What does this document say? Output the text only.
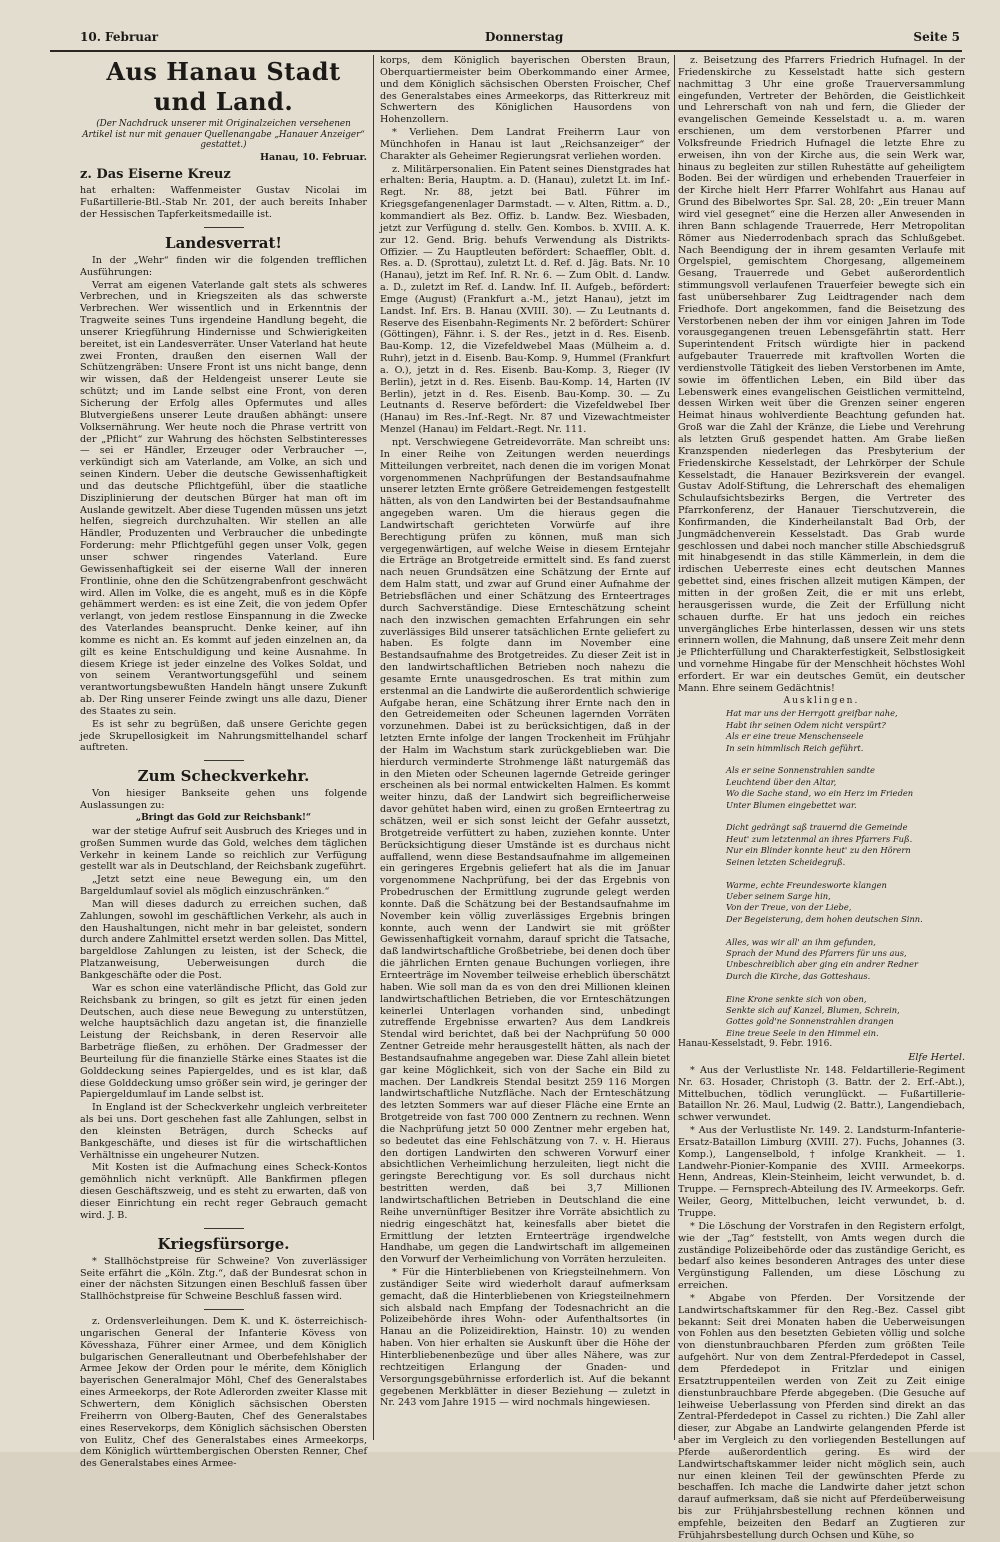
10. Februar	Donnerstag	Seite 5
Aus Hanau Stadt und Land.

(Der Nachdruck unserer mit Originalzeichen versehenen Artikel ist nur mit genauer Quellenangabe „Hanauer Anzeiger“ gestattet.)

Hanau, 10. Februar.

z. Das Eiserne Kreuz

hat erhalten: Waffenmeister Gustav Nicolai im Fußartillerie-Btl.-Stab Nr. 201, der auch bereits Inhaber der Hessischen Tapferkeitsmedaille ist.

Landesverrat!

In der „Wehr“ finden wir die folgenden trefflichen Ausführungen:

Verrat am eigenen Vaterlande galt stets als schweres Verbrechen, und in Kriegszeiten als das schwerste Verbrechen. Wer wissentlich und in Erkenntnis der Tragweite seines Tuns irgendeine Handlung begeht, die unserer Kriegführung Hindernisse und Schwierigkeiten bereitet, ist ein Landesverräter. Unser Vaterland hat heute zwei Fronten, draußen den eisernen Wall der Schützengräben: Unsere Front ist uns nicht bange, denn wir wissen, daß der Heldengeist unserer Leute sie schützt; und im Lande selbst eine Front, von deren Sicherung der Erfolg alles Opfermutes und alles Blutvergießens unserer Leute draußen abhängt: unsere Volksernährung. Wer heute noch die Phrase vertritt von der „Pflicht“ zur Wahrung des höchsten Selbstinteresses — sei er Händler, Erzeuger oder Verbraucher —, verkündigt sich am Vaterlande, am Volke, an sich und seinen Kindern. Ueber die deutsche Gewissenhaftigkeit und das deutsche Pflichtgefühl, über die staatliche Disziplinierung der deutschen Bürger hat man oft im Auslande gewitzelt. Aber diese Tugenden müssen uns jetzt helfen, siegreich durchzuhalten. Wir stellen an alle Händler, Produzenten und Verbraucher die unbedingte Forderung: mehr Pflichtgefühl gegen unser Volk, gegen unser schwer ringendes Vaterland. Eure Gewissenhaftigkeit sei der eiserne Wall der inneren Frontlinie, ohne den die Schützengrabenfront geschwächt wird. Allen im Volke, die es angeht, muß es in die Köpfe gehämmert werden: es ist eine Zeit, die von jedem Opfer verlangt, von jedem restlose Einspannung in die Zwecke des Vaterlandes beansprucht. Denke keiner, auf ihn komme es nicht an. Es kommt auf jeden einzelnen an, da gilt es keine Entschuldigung und keine Ausnahme. In diesem Kriege ist jeder einzelne des Volkes Soldat, und von seinem Verantwortungsgefühl und seinem verantwortungsbewußten Handeln hängt unsere Zukunft ab. Der Ring unserer Feinde zwingt uns alle dazu, Diener des Staates zu sein.

Es ist sehr zu begrüßen, daß unsere Gerichte gegen jede Skrupellosigkeit im Nahrungsmittelhandel scharf auftreten.

Zum Scheckverkehr.

Von hiesiger Bankseite gehen uns folgende Auslassungen zu:

„Bringt das Gold zur Reichsbank!“

war der stetige Aufruf seit Ausbruch des Krieges und in großen Summen wurde das Gold, welches dem täglichen Verkehr in keinem Lande so reichlich zur Verfügung gestellt war als in Deutschland, der Reichsbank zugeführt.

„Jetzt setzt eine neue Bewegung ein, um den Bargeldumlauf soviel als möglich einzuschränken.“

Man will dieses dadurch zu erreichen suchen, daß Zahlungen, sowohl im geschäftlichen Verkehr, als auch in den Haushaltungen, nicht mehr in bar geleistet, sondern durch andere Zahlmittel ersetzt werden sollen. Das Mittel, bargeldlose Zahlungen zu leisten, ist der Scheck, die Platzanweisung, Ueberweisungen durch die Bankgeschäfte oder die Post.

War es schon eine vaterländische Pflicht, das Gold zur Reichsbank zu bringen, so gilt es jetzt für einen jeden Deutschen, auch diese neue Bewegung zu unterstützen, welche hauptsächlich dazu angetan ist, die finanzielle Leistung der Reichsbank, in deren Reservoir alle Barbeträge fließen, zu erhöhen. Der Gradmesser der Beurteilung für die finanzielle Stärke eines Staates ist die Golddeckung seines Papiergeldes, und es ist klar, daß diese Golddeckung umso größer sein wird, je geringer der Papiergeldumlauf im Lande selbst ist.

In England ist der Scheckverkehr ungleich verbreiteter als bei uns. Dort geschehen fast alle Zahlungen, selbst in den kleinsten Beträgen, durch Schecks auf Bankgeschäfte, und dieses ist für die wirtschaftlichen Verhältnisse ein ungeheurer Nutzen.

Mit Kosten ist die Aufmachung eines Scheck-Kontos gemöhnlich nicht verknüpft. Alle Bankfirmen pflegen diesen Geschäftszweig, und es steht zu erwarten, daß von dieser Einrichtung ein recht reger Gebrauch gemacht wird. J. B.

Kriegsfürsorge.

* Stallhöchstpreise für Schweine? Von zuverlässiger Seite erfährt die „Köln. Ztg.“, daß der Bundesrat schon in einer der nächsten Sitzungen einen Beschluß fassen über Stallhöchstpreise für Schweine Beschluß fassen wird.

z. Ordensverleihungen. Dem K. und K. österreichisch-ungarischen General der Infanterie Kövess von Kövesshaza, Führer einer Armee, und dem Königlich bulgarischen Generalleutnant und Oberbefehlshaber der Armee Jekow der Orden pour le mérite, dem Königlich bayerischen Generalmajor Möhl, Chef des Generalstabes eines Armeekorps, der Rote Adlerorden zweiter Klasse mit Schwertern, dem Königlich sächsischen Obersten Freiherrn von Olberg-Bauten, Chef des Generalstabes eines Reservekorps, dem Königlich sächsischen Obersten von Eulitz, Chef des Generalstabes eines Armeekorps, dem Königlich württembergischen Obersten Renner, Chef des Generalstabes eines Armee-

korps, dem Königlich bayerischen Obersten Braun, Oberquartiermeister beim Oberkommando einer Armee, und dem Königlich sächsischen Obersten Froischer, Chef des Generalstabes eines Armeekorps, das Ritterkreuz mit Schwertern des Königlichen Hausordens von Hohenzollern.

* Verliehen. Dem Landrat Freiherrn Laur von Münchhofen in Hanau ist laut „Reichsanzeiger“ der Charakter als Geheimer Regierungsrat verliehen worden.

z. Militärpersonalien. Ein Patent seines Dienstgrades hat erhalten: Beria, Hauptm. a. D. (Hanau), zuletzt Lt. im Inf.-Regt. Nr. 88, jetzt bei Batl. Führer im Kriegsgefangenenlager Darmstadt. — v. Alten, Rittm. a. D., kommandiert als Bez. Offiz. b. Landw. Bez. Wiesbaden, jetzt zur Verfügung d. stellv. Gen. Kombos. b. XVIII. A. K. zur 12. Gend. Brig. behufs Verwendung als Distrikts-Offizier. — Zu Hauptleuten befördert: Schaeffler, Oblt. d. Res. a. D. (Sprottau), zuletzt Lt. d. Ref. d. Jäg. Bats. Nr. 10 (Hanau), jetzt im Ref. Inf. R. Nr. 6. — Zum Oblt. d. Landw. a. D., zuletzt im Ref. d. Landw. Inf. II. Aufgeb., befördert: Emge (August) (Frankfurt a.-M., jetzt Hanau), jetzt im Landst. Inf. Ers. B. Hanau (XVIII. 30). — Zu Leutnants d. Reserve des Eisenbahn-Regiments Nr. 2 befördert: Schürer (Göttingen), Fähnr. i. S. der Res., jetzt in d. Res. Eisenb. Bau-Komp. 12, die Vizefeldwebel Maas (Mülheim a. d. Ruhr), jetzt in d. Eisenb. Bau-Komp. 9, Hummel (Frankfurt a. O.), jetzt in d. Res. Eisenb. Bau-Komp. 3, Rieger (IV Berlin), jetzt in d. Res. Eisenb. Bau-Komp. 14, Harten (IV Berlin), jetzt in d. Res. Eisenb. Bau-Komp. 30. — Zu Leutnants d. Reserve befördert: die Vizefeldwebel Iber (Hanau) im Res.-Inf.-Regt. Nr. 87 und Vizewachtmeister Menzel (Hanau) im Feldart.-Regt. Nr. 111.

npt. Verschwiegene Getreidevorräte. Man schreibt uns: In einer Reihe von Zeitungen werden neuerdings Mitteilungen verbreitet, nach denen die im vorigen Monat vorgenommenen Nachprüfungen der Bestandsaufnahme unserer letzten Ernte größere Getreidemengen festgestellt hätten, als von den Landwirten bei der Bestandsaufnahme angegeben waren. Um die hieraus gegen die Landwirtschaft gerichteten Vorwürfe auf ihre Berechtigung prüfen zu können, muß man sich vergegenwärtigen, auf welche Weise in diesem Erntejahr die Erträge an Brotgetreide ermittelt sind. Es fand zuerst nach neuen Grundsätzen eine Schätzung der Ernte auf dem Halm statt, und zwar auf Grund einer Aufnahme der Betriebsflächen und einer Schätzung des Ernteertrages durch Sachverständige. Diese Ernteschätzung scheint nach den inzwischen gemachten Erfahrungen ein sehr zuverlässiges Bild unserer tatsächlichen Ernte geliefert zu haben. Es folgte dann im November eine Bestandsaufnahme des Brotgetreides. Zu dieser Zeit ist in den landwirtschaftlichen Betrieben noch nahezu die gesamte Ernte unausgedroschen. Es trat mithin zum erstenmal an die Landwirte die außerordentlich schwierige Aufgabe heran, eine Schätzung ihrer Ernte nach den in den Getreidemeiten oder Scheunen lagernden Vorräten vorzunehmen. Dabei ist zu berücksichtigen, daß in der letzten Ernte infolge der langen Trockenheit im Frühjahr der Halm im Wachstum stark zurückgeblieben war. Die hierdurch verminderte Strohmenge läßt naturgemäß das in den Mieten oder Scheunen lagernde Getreide geringer erscheinen als bei normal entwickelten Halmen. Es kommt weiter hinzu, daß der Landwirt sich begreiflicherweise davor gehütet haben wird, einen zu großen Ernteertrag zu schätzen, weil er sich sonst leicht der Gefahr aussetzt, Brotgetreide verfüttert zu haben, zuziehen konnte. Unter Berücksichtigung dieser Umstände ist es durchaus nicht auffallend, wenn diese Bestandsaufnahme im allgemeinen ein geringeres Ergebnis geliefert hat als die im Januar vorgenommene Nachprüfung, bei der das Ergebnis von Probedruschen der Ermittlung zugrunde gelegt werden konnte. Daß die Schätzung bei der Bestandsaufnahme im November kein völlig zuverlässiges Ergebnis bringen konnte, auch wenn der Landwirt sie mit größter Gewissenhaftigkeit vornahm, darauf spricht die Tatsache, daß landwirtschaftliche Großbetriebe, bei denen doch über die jährlichen Ernten genaue Buchungen vorliegen, ihre Ernteerträge im November teilweise erheblich überschätzt haben. Wie soll man da es von den drei Millionen kleinen landwirtschaftlichen Betrieben, die vor Ernteschätzungen keinerlei Unterlagen vorhanden sind, unbedingt zutreffende Ergebnisse erwarten? Aus dem Landkreis Stendal wird berichtet, daß bei der Nachprüfung 50 000 Zentner Getreide mehr herausgestellt hätten, als nach der Bestandsaufnahme angegeben war. Diese Zahl allein bietet gar keine Möglichkeit, sich von der Sache ein Bild zu machen. Der Landkreis Stendal besitzt 259 116 Morgen landwirtschaftliche Nutzfläche. Nach der Ernteschätzung des letzten Sommers war auf dieser Fläche eine Ernte an Brotgetreide von fast 700 000 Zentnern zu rechnen. Wenn die Nachprüfung jetzt 50 000 Zentner mehr ergeben hat, so bedeutet das eine Fehlschätzung von 7. v. H. Hieraus den dortigen Landwirten den schweren Vorwurf einer absichtlichen Verheimlichung herzuleiten, liegt nicht die geringste Berechtigung vor. Es soll durchaus nicht bestritten werden, daß bei 3,7 Millionen landwirtschaftlichen Betrieben in Deutschland die eine Reihe unvernünftiger Besitzer ihre Vorräte absichtlich zu niedrig eingeschätzt hat, keinesfalls aber bietet die Ermittlung der letzten Ernteerträge irgendwelche Handhabe, um gegen die Landwirtschaft im allgemeinen den Vorwurf der Verheimlichung von Vorräten herzuleiten.

* Für die Hinterbliebenen von Kriegsteilnehmern. Von zuständiger Seite wird wiederholt darauf aufmerksam gemacht, daß die Hinterbliebenen von Kriegsteilnehmern sich alsbald nach Empfang der Todesnachricht an die Polizeibehörde ihres Wohn- oder Aufenthaltsortes (in Hanau an die Polizeidirektion, Hainstr. 10) zu wenden haben. Von hier erhalten sie Auskunft über die Höhe der Hinterbliebenenbezüge und über alles Nähere, was zur rechtzeitigen Erlangung der Gnaden- und Versorgungsgebührnisse erforderlich ist. Auf die bekannt gegebenen Merkblätter in dieser Beziehung — zuletzt in Nr. 243 vom Jahre 1915 — wird nochmals hingewiesen.

z. Beisetzung des Pfarrers Friedrich Hufnagel. In der Friedenskirche zu Kesselstadt hatte sich gestern nachmittag 3 Uhr eine große Trauerversammlung eingefunden, Vertreter der Behörden, die Geistlichkeit und Lehrerschaft von nah und fern, die Glieder der evangelischen Gemeinde Kesselstadt u. a. m. waren erschienen, um dem verstorbenen Pfarrer und Volksfreunde Friedrich Hufnagel die letzte Ehre zu erweisen, ihn von der Kirche aus, die sein Werk war, hinaus zu begleiten zur stillen Ruhestätte auf geheiligtem Boden. Bei der würdigen und erhebenden Trauerfeier in der Kirche hielt Herr Pfarrer Wohlfahrt aus Hanau auf Grund des Bibelwortes Spr. Sal. 28, 20: „Ein treuer Mann wird viel gesegnet“ eine die Herzen aller Anwesenden in ihren Bann schlagende Trauerrede, Herr Metropolitan Römer aus Niederrodenbach sprach das Schlußgebet. Nach Beendigung der in ihrem gesamten Verlaufe mit Orgelspiel, gemischtem Chorgesang, allgemeinem Gesang, Trauerrede und Gebet außerordentlich stimmungsvoll verlaufenen Trauerfeier bewegte sich ein fast unübersehbarer Zug Leidtragender nach dem Friedhofe. Dort angekommen, fand die Beisetzung des Verstorbenen neben der ihm vor einigen Jahren im Tode vorausgegangenen treuen Lebensgefährtin statt. Herr Superintendent Fritsch würdigte hier in packend aufgebauter Trauerrede mit kraftvollen Worten die verdienstvolle Tätigkeit des lieben Verstorbenen im Amte, sowie im öffentlichen Leben, ein Bild über das Lebenswerk eines evangelischen Geistlichen vermittelnd, dessen Wirken weit über die Grenzen seiner engeren Heimat hinaus wohlverdiente Beachtung gefunden hat. Groß war die Zahl der Kränze, die Liebe und Verehrung als letzten Gruß gespendet hatten. Am Grabe ließen Kranzspenden niederlegen das Presbyterium der Friedenskirche Kesselstadt, der Lehrkörper der Schule Kesselstadt, die Hanauer Bezirksverein der evangel. Gustav Adolf-Stiftung, die Lehrerschaft des ehemaligen Schulaufsichtsbezirks Bergen, die Vertreter des Pfarrkonferenz, der Hanauer Tierschutzverein, die Konfirmanden, die Kinderheilanstalt Bad Orb, der Jungmädchenverein Kesselstadt. Das Grab wurde geschlossen und dabei noch mancher stille Abschiedsgruß mit hinabgesendt in das stille Kämmerlein, in dem die irdischen Ueberreste eines echt deutschen Mannes gebettet sind, eines frischen allzeit mutigen Kämpen, der mitten in der großen Zeit, die er mit uns erlebt, herausgerissen wurde, die Zeit der Erfüllung nicht schauen durfte. Er hat uns jedoch ein reiches unvergängliches Erbe hinterlassen, dessen wir uns stets erinnern wollen, die Mahnung, daß unsere Zeit mehr denn je Pflichterfüllung und Charakterfestigkeit, Selbstlosigkeit und vornehme Hingabe für der Menschheit höchstes Wohl erfordert. Er war ein deutsches Gemüt, ein deutscher Mann. Ehre seinem Gedächtnis!

Ausklingen.

Hat mar uns der Herrgott greifbar nahe,

Habt ihr seinen Odem nicht verspürt?

Als er eine treue Menschenseele

In sein himmlisch Reich geführt.

Als er seine Sonnenstrahlen sandte

Leuchtend über den Altar,

Wo die Sache stand, wo ein Herz im Frieden

Unter Blumen eingebettet war.

Dicht gedrängt saß trauernd die Gemeinde

Heut' zum letztenmal an ihres Pfarrers Fuß.

Nur ein Blinder konnte heut' zu den Hörern

Seinen letzten Scheidegruß.

Warme, echte Freundesworte klangen

Ueber seinem Sarge hin,

Von der Treue, von der Liebe,

Der Begeisterung, dem hohen deutschen Sinn.

Alles, was wir all' an ihm gefunden,

Sprach der Mund des Pfarrers für uns aus,

Unbeschreiblich aber ging ein andrer Redner

Durch die Kirche, das Gotteshaus.

Eine Krone senkte sich von oben,

Senkte sich auf Kanzel, Blumen, Schrein,

Gottes gold'ne Sonnenstrahlen drangen

Eine treue Seele in den Himmel ein.

Hanau-Kesselstadt, 9. Febr. 1916.

Elfe Hertel.

* Aus der Verlustliste Nr. 148. Feldartillerie-Regiment Nr. 63. Hosader, Christoph (3. Battr. der 2. Erf.-Abt.), Mittelbuchen, tödlich verunglückt. — Fußartillerie-Bataillon Nr. 26. Maul, Ludwig (2. Battr.), Langendiebach, schwer verwundet.

* Aus der Verlustliste Nr. 149. 2. Landsturm-Infanterie-Ersatz-Bataillon Limburg (XVIII. 27). Fuchs, Johannes (3. Komp.), Langenselbold, † infolge Krankheit. — 1. Landwehr-Pionier-Kompanie des XVIII. Armeekorps. Henn, Andreas, Klein-Steinheim, leicht verwundet, b. d. Truppe. — Fernsprech-Abteilung des IV. Armeekorps. Gefr. Weiler, Georg, Mittelbuchen, leicht verwundet, b. d. Truppe.

* Die Löschung der Vorstrafen in den Registern erfolgt, wie der „Tag“ feststellt, von Amts wegen durch die zuständige Polizeibehörde oder das zuständige Gericht, es bedarf also keines besonderen Antrages des unter diese Vergünstigung Fallenden, um diese Löschung zu erreichen.

* Abgabe von Pferden. Der Vorsitzende der Landwirtschaftskammer für den Reg.-Bez. Cassel gibt bekannt: Seit drei Monaten haben die Ueberweisungen von Fohlen aus den besetzten Gebieten völlig und solche von dienstunbrauchbaren Pferden zum größten Teile aufgehört. Nur von dem Zentral-Pferdedepot in Cassel, dem Pferdedepot in Fritzlar und einigen Ersatztruppenteilen werden von Zeit zu Zeit einige dienstunbrauchbare Pferde abgegeben. (Die Gesuche auf leihweise Ueberlassung von Pferden sind direkt an das Zentral-Pferdedepot in Cassel zu richten.) Die Zahl aller dieser, zur Abgabe an Landwirte gelangenden Pferde ist aber im Vergleich zu den vorliegenden Bestellungen auf Pferde außerordentlich gering. Es wird der Landwirtschaftskammer leider nicht möglich sein, auch nur einen kleinen Teil der gewünschten Pferde zu beschaffen. Ich mache die Landwirte daher jetzt schon darauf aufmerksam, daß sie nicht auf Pferdeüberweisung bis zur Frühjahrsbestellung rechnen können und empfehle, beizeiten den Bedarf an Zugtieren zur Frühjahrsbestellung durch Ochsen und Kühe, so
